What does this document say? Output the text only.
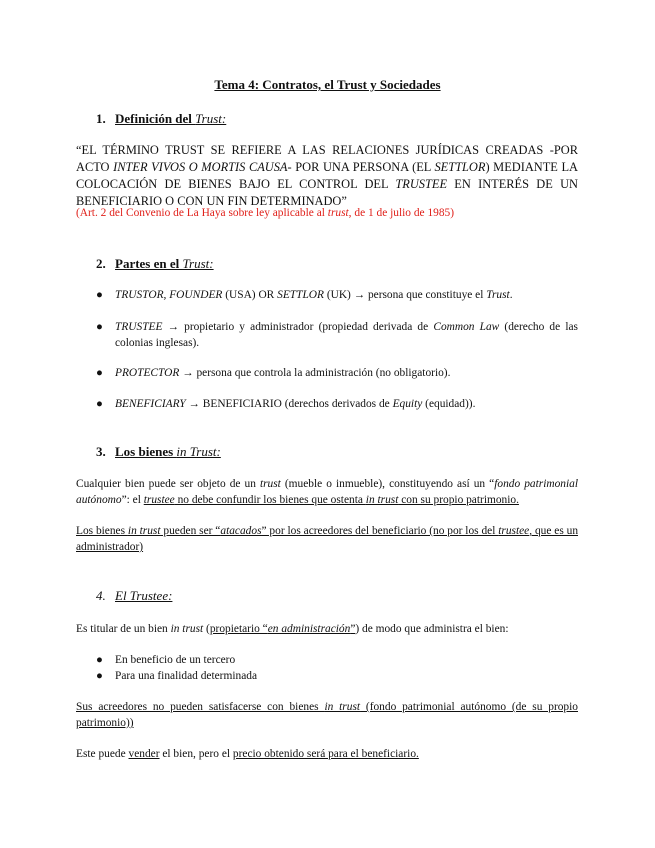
Tema 4: Contratos, el Trust y Sociedades
1. Definición del Trust:
“EL TÉRMINO TRUST SE REFIERE A LAS RELACIONES JURÍDICAS CREADAS -POR ACTO INTER VIVOS O MORTIS CAUSA- POR UNA PERSONA (EL SETTLOR) MEDIANTE LA COLOCACIÓN DE BIENES BAJO EL CONTROL DEL TRUSTEE EN INTERÉS DE UN BENEFICIARIO O CON UN FIN DETERMINADO”
(Art. 2 del Convenio de La Haya sobre ley aplicable al trust, de 1 de julio de 1985)
2. Partes en el Trust:
● TRUSTOR, FOUNDER (USA) OR SETTLOR (UK) → persona que constituye el Trust.
● TRUSTEE → propietario y administrador (propiedad derivada de Common Law (derecho de las colonias inglesas).
● PROTECTOR → persona que controla la administración (no obligatorio).
● BENEFICIARY → BENEFICIARIO (derechos derivados de Equity (equidad)).
3. Los bienes in Trust:
Cualquier bien puede ser objeto de un trust (mueble o inmueble), constituyendo así un “fondo patrimonial autónomo”: el trustee no debe confundir los bienes que ostenta in trust con su propio patrimonio.
Los bienes in trust pueden ser “atacados” por los acreedores del beneficiario (no por los del trustee, que es un administrador)
4. El Trustee:
Es titular de un bien in trust (propietario “en administración”) de modo que administra el bien:
● En beneficio de un tercero
● Para una finalidad determinada
Sus acreedores no pueden satisfacerse con bienes in trust (fondo patrimonial autónomo (de su propio patrimonio))
Este puede vender el bien, pero el precio obtenido será para el beneficiario.
